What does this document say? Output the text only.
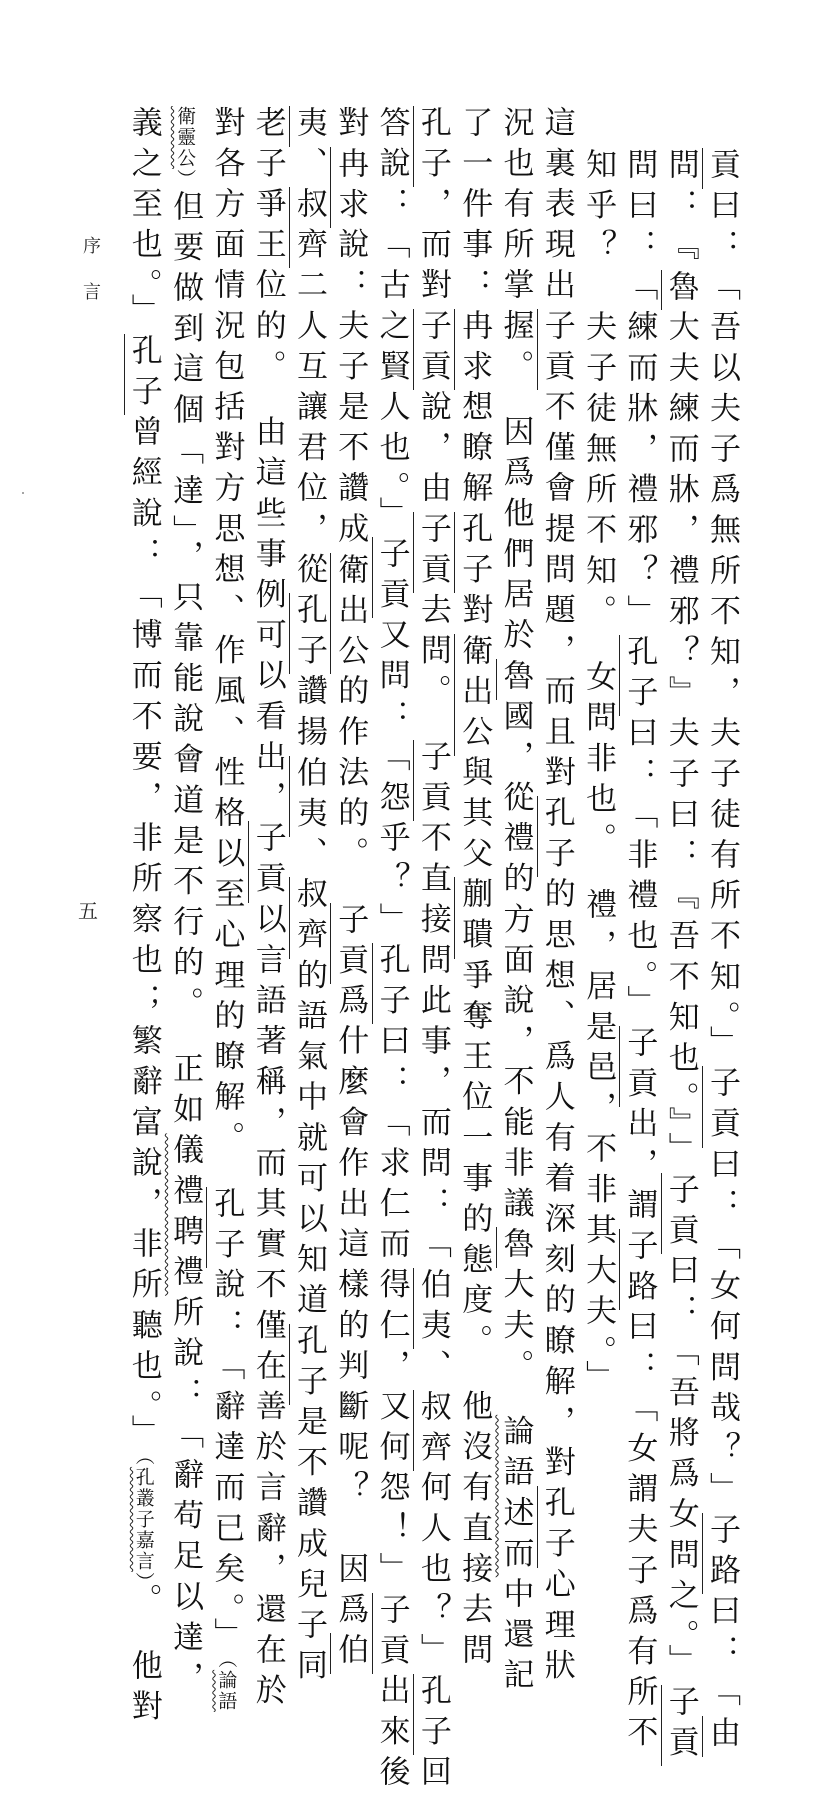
序言
五
貢曰：「吾以夫子爲無所不知，夫子徒有所不知。」子貢曰：「女何問哉？」子路曰：「由
問：『魯大夫練而牀，禮邪？』夫子曰：『吾不知也。』」子貢曰：「吾將爲女問之。」子貢
問曰：「練而牀，禮邪？」孔子曰：「非禮也。」子貢出，謂子路曰：「女謂夫子爲有所不
知乎？　夫子徒無所不知。　女問非也。　禮，居是邑，不非其大夫。」
這裏表現出子貢不僅會提問題，而且對孔子的思想、爲人有着深刻的瞭解，對孔子心理狀
況也有所掌握。　因爲他們居於魯國，從禮的方面說，不能非議魯大夫。　論語述而中還記
了一件事：冉求想瞭解孔子對衛出公與其父蒯聵爭奪王位一事的態度。　他沒有直接去問
孔子，而對子貢說，由子貢去問。　子貢不直接問此事，而問：「伯夷、叔齊何人也？」孔子回
答說：「古之賢人也。」子貢又問：「怨乎？」孔子曰：「求仁而得仁，又何怨！」子貢出來後
對冉求說：夫子是不讚成衛出公的作法的。　子貢爲什麼會作出這樣的判斷呢？　因爲伯
夷、叔齊二人互讓君位，從孔子讚揚伯夷、叔齊的語氣中就可以知道孔子是不讚成兒子同
老子爭王位的。　由這些事例可以看出，子貢以言語著稱，而其實不僅在善於言辭，還在於
對各方面情況包括對方思想、作風、性格以至心理的瞭解。　孔子說：「辭達而已矣。」（論語
衛靈公）但要做到這個「達」，只靠能說會道是不行的。　正如儀禮聘禮所說：「辭苟足以達，
義之至也。」孔子曾經說：「博而不要，非所察也；繁辭富說，非所聽也。」（孔叢子嘉言）。　他對
